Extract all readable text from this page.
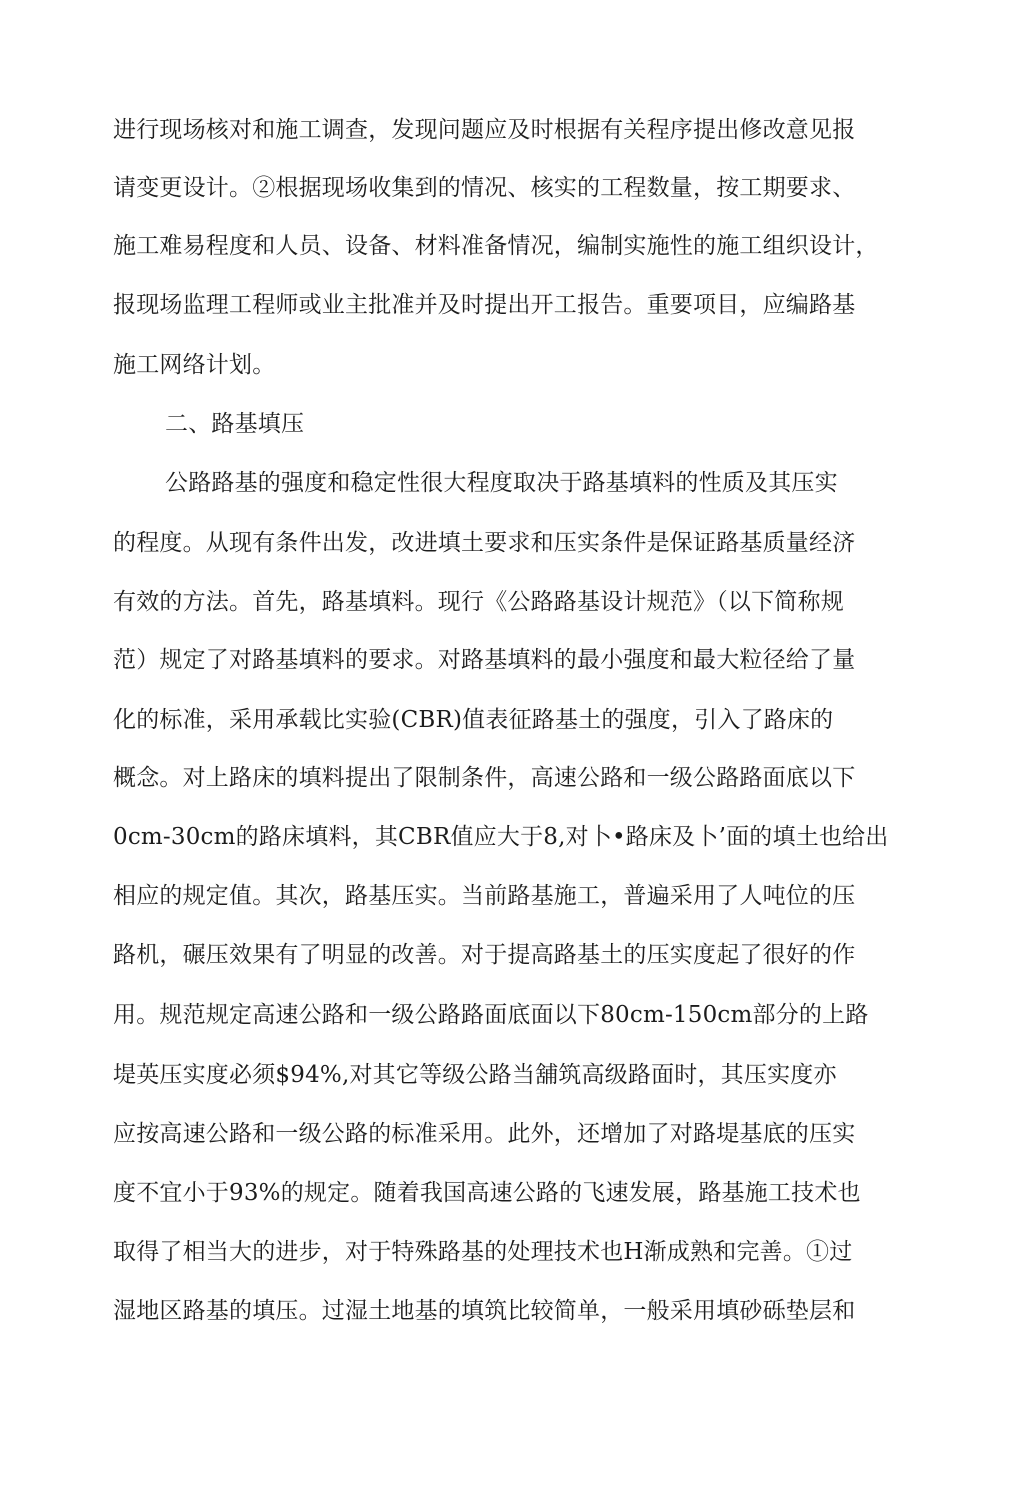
进行现场核对和施工调查，发现问题应及时根据有关程序提出修改意见报
请变更设计。②根据现场收集到的情况、核实的工程数量，按工期要求、
施工难易程度和人员、设备、材料准备情况，编制实施性的施工组织设计，
报现场监理工程师或业主批准并及时提出开工报告。重要项目，应编路基
施工网络计划。
二、路基填压
公路路基的强度和稳定性很大程度取决于路基填料的性质及其压实
的程度。从现有条件出发，改进填土要求和压实条件是保证路基质量经济
有效的方法。首先，路基填料。现行《公路路基设计规范》（以下简称规
范）规定了对路基填料的要求。对路基填料的最小强度和最大粒径给了量
化的标准，采用承载比实验(CBR)值表征路基土的强度，引入了路床的
概念。对上路床的填料提出了限制条件，高速公路和一级公路路面底以下
0cm-30cm的路床填料，其CBR值应大于8,对卜•路床及卜’面的填土也给出
相应的规定值。其次，路基压实。当前路基施工，普遍采用了人吨位的压
路机，碾压效果有了明显的改善。对于提高路基土的压实度起了很好的作
用。规范规定高速公路和一级公路路面底面以下80cm-150cm部分的上路
堤英压实度必须$94%,对其它等级公路当舖筑高级路面时，其压实度亦
应按高速公路和一级公路的标准采用。此外，还增加了对路堤基底的压实
度不宜小于93%的规定。随着我国高速公路的飞速发展，路基施工技术也
取得了相当大的进步，对于特殊路基的处理技术也H渐成熟和完善。①过
湿地区路基的填压。过湿土地基的填筑比较简单，一般采用填砂砾垫层和
